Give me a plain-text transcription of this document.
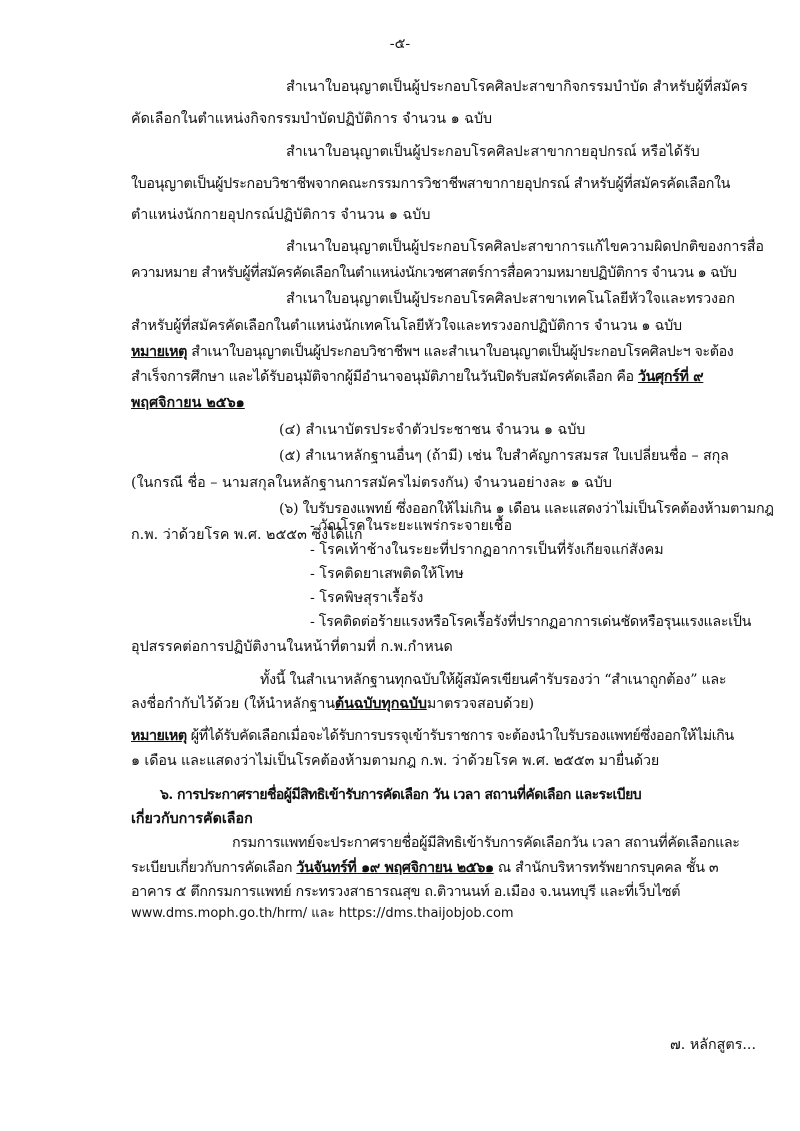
-๕-
สำเนาใบอนุญาตเป็นผู้ประกอบโรคศิลปะสาขากิจกรรมบำบัด สำหรับผู้ที่สมัคร
คัดเลือกในตำแหน่งกิจกรรมบำบัดปฏิบัติการ จำนวน ๑ ฉบับ
สำเนาใบอนุญาตเป็นผู้ประกอบโรคศิลปะสาขากายอุปกรณ์ หรือได้รับ
ใบอนุญาตเป็นผู้ประกอบวิชาชีพจากคณะกรรมการวิชาชีพสาขากายอุปกรณ์ สำหรับผู้ที่สมัครคัดเลือกใน
ตำแหน่งนักกายอุปกรณ์ปฏิบัติการ จำนวน ๑ ฉบับ
สำเนาใบอนุญาตเป็นผู้ประกอบโรคศิลปะสาขาการแก้ไขความผิดปกติของการสื่อ
ความหมาย สำหรับผู้ที่สมัครคัดเลือกในตำแหน่งนักเวชศาสตร์การสื่อความหมายปฏิบัติการ จำนวน ๑ ฉบับ
สำเนาใบอนุญาตเป็นผู้ประกอบโรคศิลปะสาขาเทคโนโลยีหัวใจและทรวงอก
สำหรับผู้ที่สมัครคัดเลือกในตำแหน่งนักเทคโนโลยีหัวใจและทรวงอกปฏิบัติการ จำนวน ๑ ฉบับ
หมายเหตุ สำเนาใบอนุญาตเป็นผู้ประกอบวิชาชีพฯ และสำเนาใบอนุญาตเป็นผู้ประกอบโรคศิลปะฯ จะต้อง
สำเร็จการศึกษา และได้รับอนุมัติจากผู้มีอำนาจอนุมัติภายในวันปิดรับสมัครคัดเลือก คือ วันศุกร์ที่ ๙
พฤศจิกายน ๒๕๖๑
(๔) สำเนาบัตรประจำตัวประชาชน จำนวน ๑ ฉบับ
(๕) สำเนาหลักฐานอื่นๆ (ถ้ามี) เช่น ใบสำคัญการสมรส ใบเปลี่ยนชื่อ – สกุล
(ในกรณี ชื่อ – นามสกุลในหลักฐานการสมัครไม่ตรงกัน) จำนวนอย่างละ ๑ ฉบับ
(๖) ใบรับรองแพทย์ ซึ่งออกให้ไม่เกิน ๑ เดือน และแสดงว่าไม่เป็นโรคต้องห้ามตามกฎ
ก.พ. ว่าด้วยโรค พ.ศ. ๒๕๕๓ ซึ่งได้แก่
- วัณโรคในระยะแพร่กระจายเชื้อ
- โรคเท้าช้างในระยะที่ปรากฏอาการเป็นที่รังเกียจแก่สังคม
- โรคติดยาเสพติดให้โทษ
- โรคพิษสุราเรื้อรัง
- โรคติดต่อร้ายแรงหรือโรคเรื้อรังที่ปรากฏอาการเด่นชัดหรือรุนแรงและเป็น
อุปสรรคต่อการปฏิบัติงานในหน้าที่ตามที่ ก.พ.กำหนด
ทั้งนี้ ในสำเนาหลักฐานทุกฉบับให้ผู้สมัครเขียนคำรับรองว่า “สำเนาถูกต้อง” และ
ลงชื่อกำกับไว้ด้วย (ให้นำหลักฐานต้นฉบับทุกฉบับมาตรวจสอบด้วย)
หมายเหตุ ผู้ที่ได้รับคัดเลือกเมื่อจะได้รับการบรรจุเข้ารับราชการ จะต้องนำใบรับรองแพทย์ซึ่งออกให้ไม่เกิน
๑ เดือน และแสดงว่าไม่เป็นโรคต้องห้ามตามกฎ ก.พ. ว่าด้วยโรค พ.ศ. ๒๕๕๓ มายื่นด้วย
๖. การประกาศรายชื่อผู้มีสิทธิเข้ารับการคัดเลือก วัน เวลา สถานที่คัดเลือก และระเบียบ
เกี่ยวกับการคัดเลือก
กรมการแพทย์จะประกาศรายชื่อผู้มีสิทธิเข้ารับการคัดเลือกวัน เวลา สถานที่คัดเลือกและ
ระเบียบเกี่ยวกับการคัดเลือก วันจันทร์ที่ ๑๙ พฤศจิกายน ๒๕๖๑ ณ สำนักบริหารทรัพยากรบุคคล ชั้น ๓
อาคาร ๕ ตึกกรมการแพทย์ กระทรวงสาธารณสุข ถ.ติวานนท์ อ.เมือง จ.นนทบุรี และที่เว็บไซต์
www.dms.moph.go.th/hrm/ และ https://dms.thaijobjob.com
๗. หลักสูตร...
